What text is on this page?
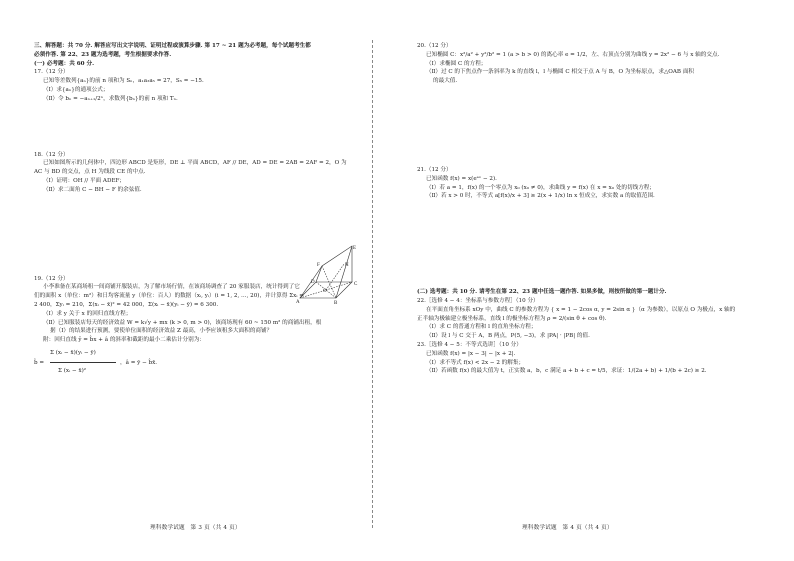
三、解答题：共 70 分. 解答应写出文字说明、证明过程或演算步骤. 第 17 ~ 21 题为必考题，每个试题考生都
必须作答. 第 22、23 题为选考题，考生根据要求作答.
(一) 必考题：共 60 分.
17.（12 分）
已知等差数列{aₙ}的前 n 项和为 Sₙ，a₁a₃a₅ = 27，S₅ = −15.
（Ⅰ）求{aₙ}的通项公式；
（Ⅱ）令 bₙ = −aₙ₊₁/2ⁿ，求数列{bₙ}的前 n 项和 Tₙ.
18.（12 分）
已知如图所示的几何体中，四边形 ABCD 是矩形，DE ⊥ 平面 ABCD，AF // DE，AD = DE = 2AB = 2AF = 2，O 为
AC 与 BD 的交点，点 H 为线段 CE 的中点.
（Ⅰ）证明：OH // 平面 ADEF；
（Ⅱ）求二面角 C − BH − F 的余弦值.
19.（12 分）
小李准备在某商场租一间商铺开服装店，为了解市场行情，在该商场调查了 20 家服装店，统计得到了它
们的面积 x（单位：m²）和日均客流量 y（单位：百人）的数据（xᵢ, yᵢ）(i = 1, 2, …, 20)，并计算得 Σxᵢ =
2 400，Σyᵢ = 210，Σ(xᵢ − x̄)² = 42 000，Σ(xᵢ − x̄)(yᵢ − ȳ) = 6 300.
（Ⅰ）求 y 关于 x 的回归直线方程；
（Ⅱ）已知服装店每天的经济效益 W = k√y + mx (k > 0, m > 0)，该商场现有 60 ~ 150 m² 的商铺出租，根
据（Ⅰ）的结果进行预测，要使单位面积的经济效益 Z 最高，小李应该租多大面积的商铺？
附：回归直线 ŷ = b̂x + â 的斜率和截距的最小二乘估计分别为：
b̂ =
Σ (xᵢ − x̄)(yᵢ − ȳ)
Σ (xᵢ − x̄)²
，â = ȳ − b̂x̄.
E
F
D
H
C
O
A	B
理科数学试题　第 3 页（共 4 页）
20.（12 分）
已知椭圆 C：x²/a² + y²/b² = 1 (a > b > 0) 的离心率 e = 1/2，左、右顶点分别为曲线 y = 2x² − 6 与 x 轴的交点.
（Ⅰ）求椭圆 C 的方程；
（Ⅱ）过 C 的下焦点作一条斜率为 k 的直线 l，l 与椭圆 C 相交于点 A 与 B，O 为坐标原点，求△OAB 面积
的最大值.
21.（12 分）
已知函数 f(x) = x(eᵃˣ − 2).
（Ⅰ）若 a = 1，f(x) 的一个零点为 x₀ (x₀ ≠ 0)，求曲线 y = f(x) 在 x = x₀ 处的切线方程；
（Ⅱ）若 x > 0 时，不等式 a[f(x)/x + 3] ≥ 2(x + 1/x) ln x 恒成立，求实数 a 的取值范围.
(二) 选考题：共 10 分. 请考生在第 22、23 题中任选一题作答. 如果多做，则按所做的第一题计分.
22.［选修 4 − 4：坐标系与参数方程］（10 分）
在平面直角坐标系 xOy 中，曲线 C 的参数方程为 { x = 1 − 2cos α, y = 2sin α }（α 为参数），以原点 O 为极点，x 轴的
正半轴为极轴建立极坐标系，直线 l 的极坐标方程为 ρ = 2/(sin θ + cos θ).
（Ⅰ）求 C 的普通方程和 l 的直角坐标方程；
（Ⅱ）设 l 与 C 交于 A，B 两点，P(5, −3)，求 |PA| · |PB| 的值.
23.［选修 4 − 5：不等式选讲］（10 分）
已知函数 f(x) = |x − 3| − |x + 2|.
（Ⅰ）求不等式 f(x) < 2x − 2 的解集；
（Ⅱ）若函数 f(x) 的最大值为 t，正实数 a，b，c 满足 a + b + c = t/5，求证：1/(2a + b) + 1/(b + 2c) ≥ 2.
理科数学试题　第 4 页（共 4 页）
